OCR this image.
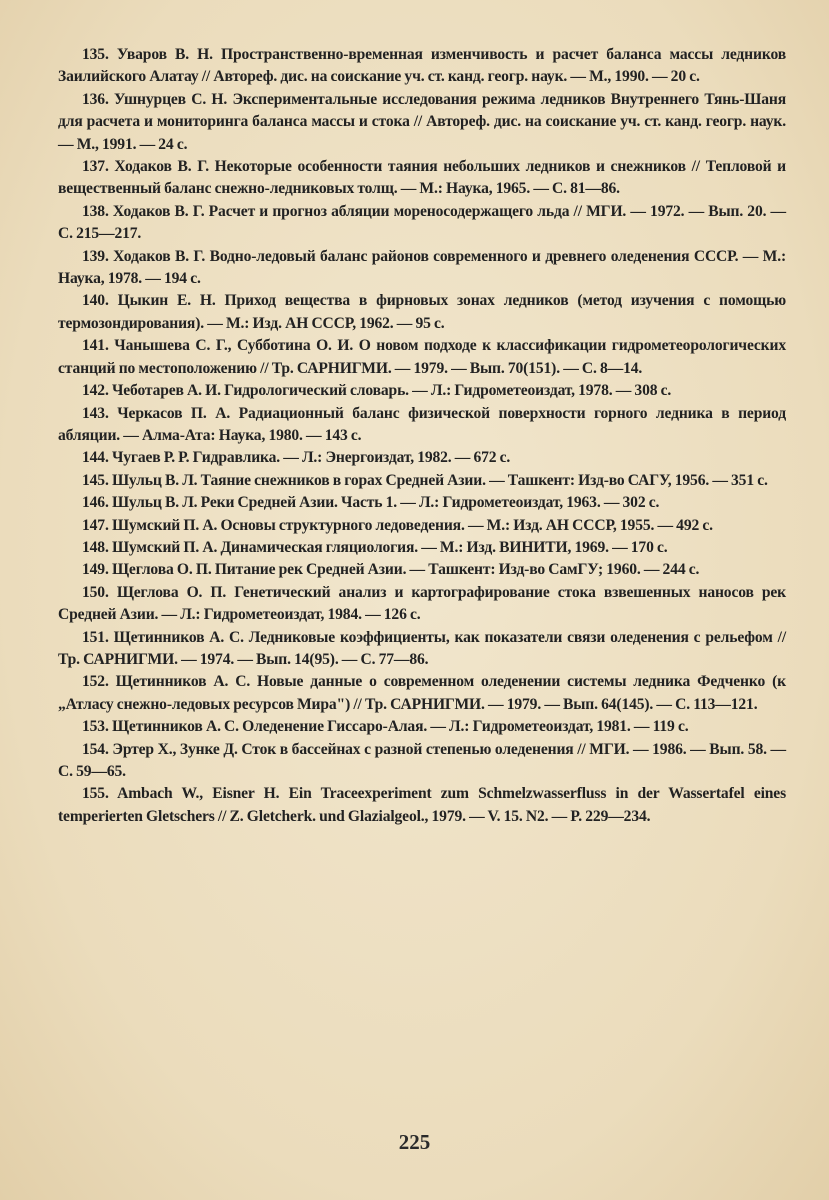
135. Уваров В. Н. Пространственно-временная изменчивость и расчет баланса массы ледников Заилийского Алатау // Автореф. дис. на соискание уч. ст. канд. геогр. наук. — М., 1990. — 20 с.

136. Ушнурцев С. Н. Экспериментальные исследования режима ледников Внутреннего Тянь-Шаня для расчета и мониторинга баланса массы и стока // Автореф. дис. на соискание уч. ст. канд. геогр. наук. — М., 1991. — 24 с.

137. Ходаков В. Г. Некоторые особенности таяния небольших ледников и снежников // Тепловой и вещественный баланс снежно-ледниковых толщ. — М.: Наука, 1965. — С. 81—86.

138. Ходаков В. Г. Расчет и прогноз абляции мореносодержащего льда // МГИ. — 1972. — Вып. 20. — С. 215—217.

139. Ходаков В. Г. Водно-ледовый баланс районов современного и древнего оледенения СССР. — М.: Наука, 1978. — 194 с.

140. Цыкин Е. Н. Приход вещества в фирновых зонах ледников (метод изучения с помощью термозондирования). — М.: Изд. АН СССР, 1962. — 95 с.

141. Чанышева С. Г., Субботина О. И. О новом подходе к классификации гидрометеорологических станций по местоположению // Тр. САРНИГМИ. — 1979. — Вып. 70(151). — С. 8—14.

142. Чеботарев А. И. Гидрологический словарь. — Л.: Гидрометеоиздат, 1978. — 308 с.

143. Черкасов П. А. Радиационный баланс физической поверхности горного ледника в период абляции. — Алма-Ата: Наука, 1980. — 143 с.

144. Чугаев Р. Р. Гидравлика. — Л.: Энергоиздат, 1982. — 672 с.

145. Шульц В. Л. Таяние снежников в горах Средней Азии. — Ташкент: Изд-во САГУ, 1956. — 351 с.

146. Шульц В. Л. Реки Средней Азии. Часть 1. — Л.: Гидрометеоиздат, 1963. — 302 с.

147. Шумский П. А. Основы структурного ледоведения. — М.: Изд. АН СССР, 1955. — 492 с.

148. Шумский П. А. Динамическая гляциология. — М.: Изд. ВИНИТИ, 1969. — 170 с.

149. Щеглова О. П. Питание рек Средней Азии. — Ташкент: Изд-во СамГУ; 1960. — 244 с.

150. Щеглова О. П. Генетический анализ и картографирование стока взвешенных наносов рек Средней Азии. — Л.: Гидрометеоиздат, 1984. — 126 с.

151. Щетинников А. С. Ледниковые коэффициенты, как показатели связи оледенения с рельефом // Тр. САРНИГМИ. — 1974. — Вып. 14(95). — С. 77—86.

152. Щетинников А. С. Новые данные о современном оледенении системы ледника Федченко (к „Атласу снежно-ледовых ресурсов Мира") // Тр. САРНИГМИ. — 1979. — Вып. 64(145). — С. 113—121.

153. Щетинников А. С. Оледенение Гиссаро-Алая. — Л.: Гидрометеоиздат, 1981. — 119 с.

154. Эртер Х., Зунке Д. Сток в бассейнах с разной степенью оледенения // МГИ. — 1986. — Вып. 58. — С. 59—65.

155. Ambach W., Eisner H. Ein Traceexperiment zum Schmelzwasserfluss in der Wassertafel eines temperierten Gletschers // Z. Gletcherk. und Glazialgeol., 1979. — V. 15. N2. — P. 229—234.

225
